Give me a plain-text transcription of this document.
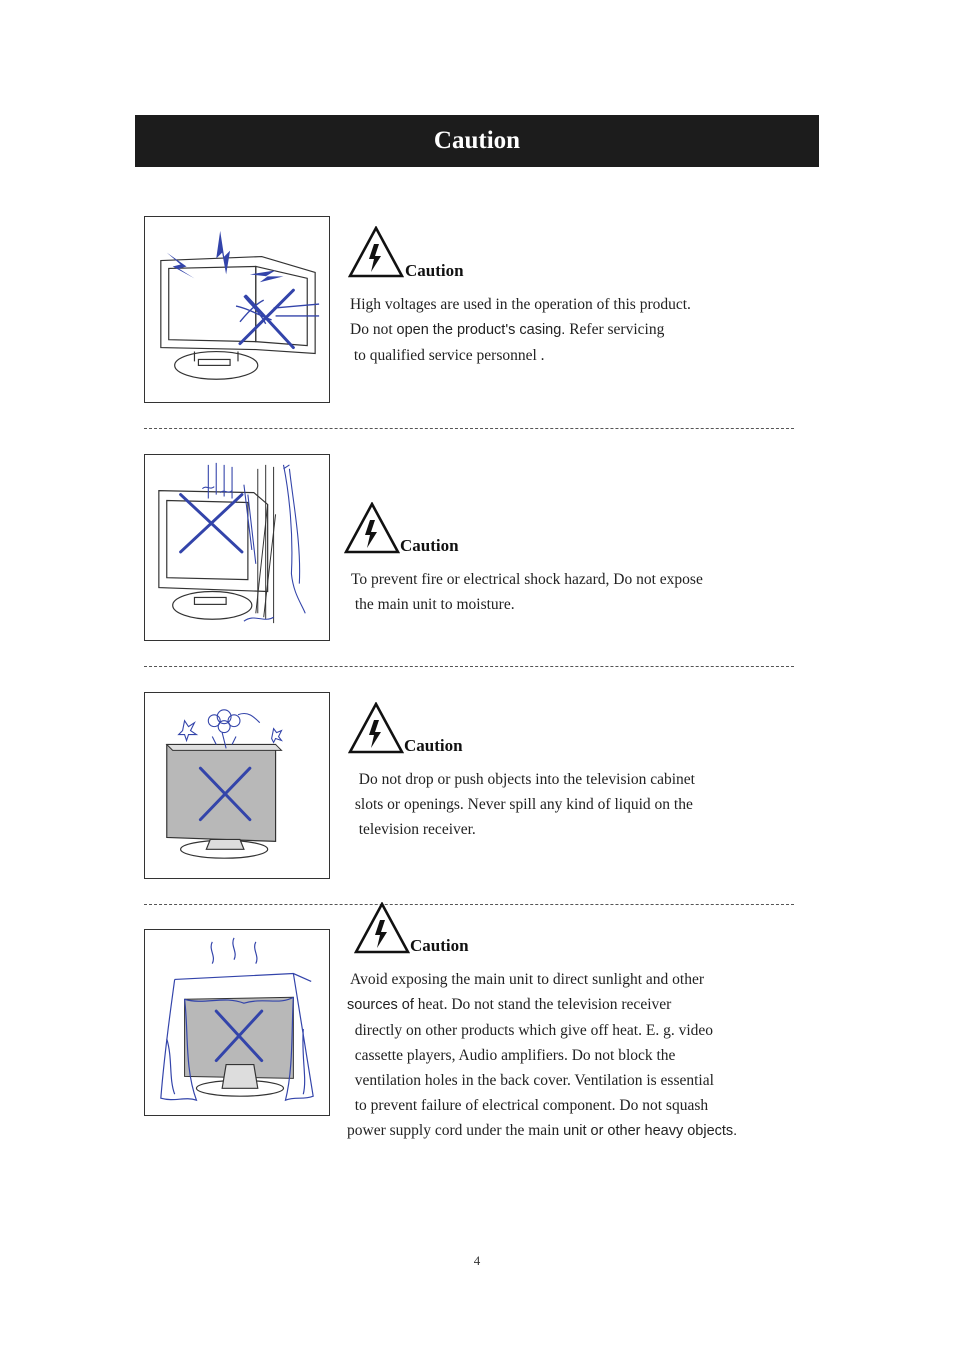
Caution
Caution
High voltages are used in the operation of this product.
Do not open the product's casing. Refer servicing
to qualified service personnel .
Caution
To prevent fire or electrical shock hazard, Do not expose
the main unit to moisture.
Caution
Do not drop or push objects into the television cabinet
slots or openings. Never spill any kind of liquid on the
television receiver.
Caution
Avoid exposing the main unit to direct sunlight and other
sources of heat. Do not stand the television receiver
directly on other products which give off heat. E. g. video
cassette players, Audio amplifiers. Do not block the
ventilation holes in the back cover. Ventilation is essential
to prevent failure of electrical component. Do not squash
power supply cord under the main unit or other heavy objects.
4
